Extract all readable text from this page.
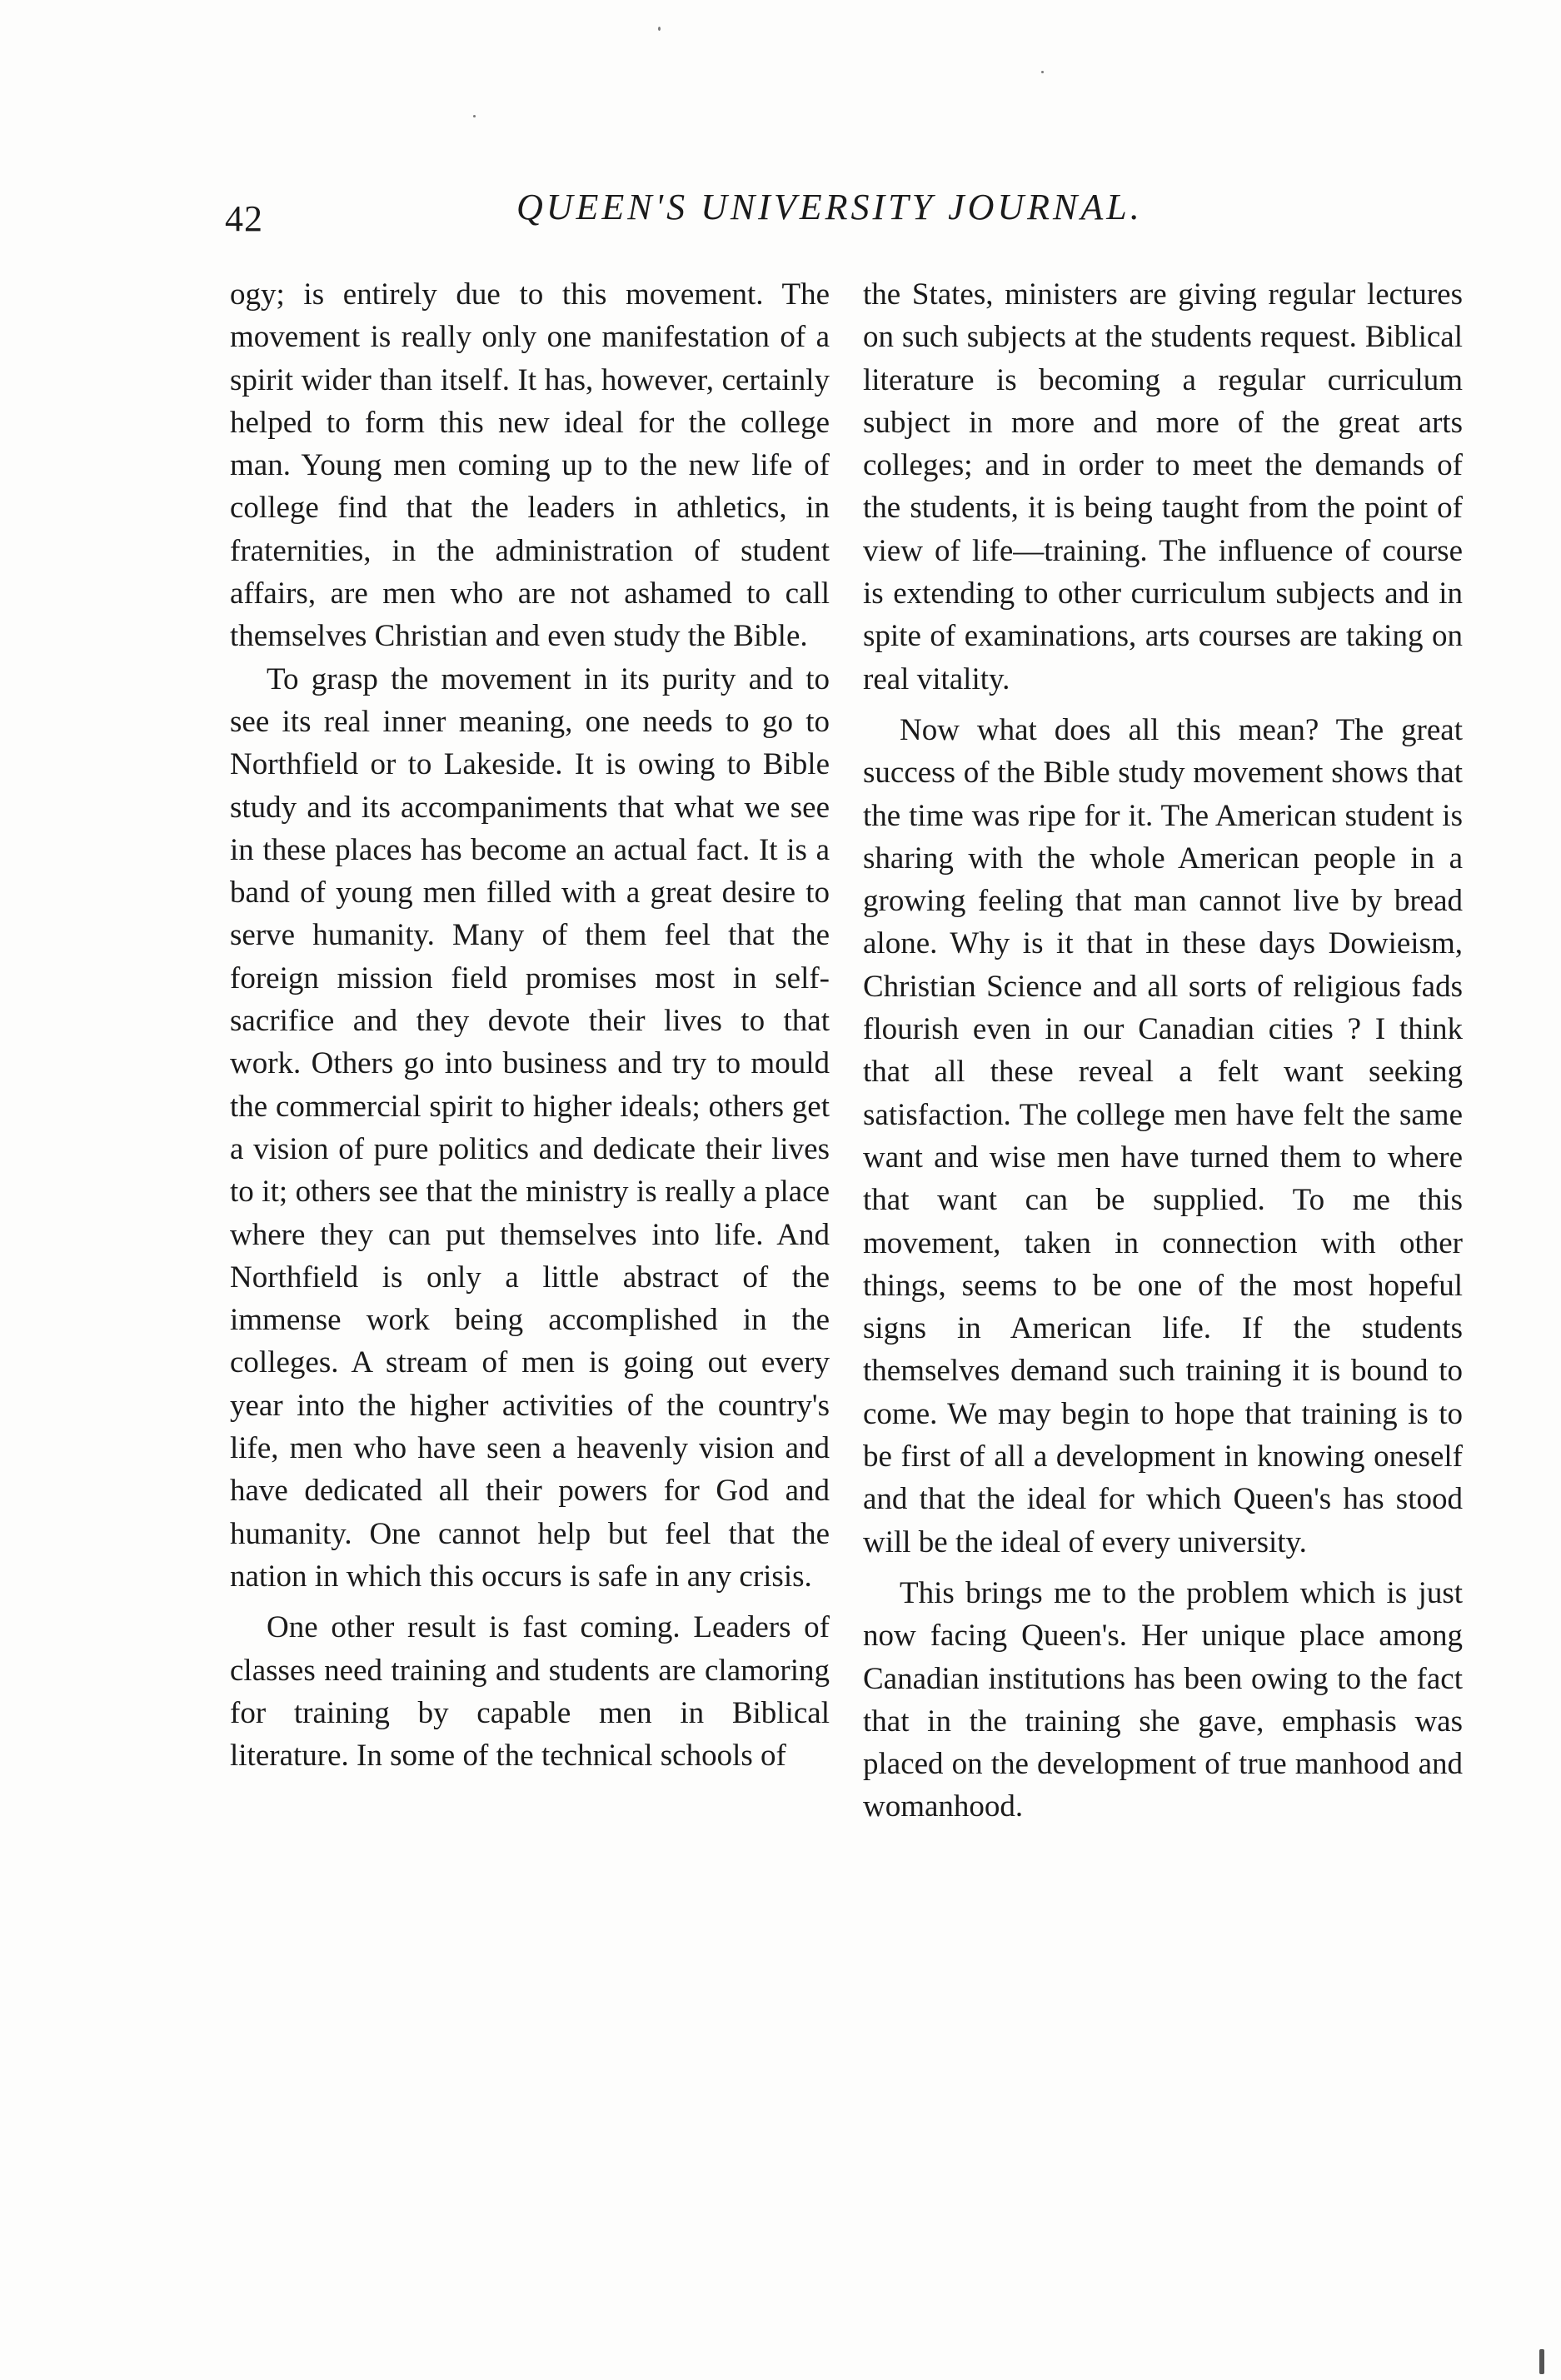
42	QUEEN'S UNIVERSITY JOURNAL.

ogy; is entirely due to this movement. The movement is really only one manifestation of a spirit wider than itself. It has, however, certainly helped to form this new ideal for the college man. Young men coming up to the new life of college find that the leaders in athletics, in fraternities, in the administration of student affairs, are men who are not ashamed to call themselves Christian and even study the Bible.

To grasp the movement in its purity and to see its real inner meaning, one needs to go to Northfield or to Lakeside. It is owing to Bible study and its accompaniments that what we see in these places has become an actual fact. It is a band of young men filled with a great desire to serve humanity. Many of them feel that the foreign mission field promises most in self-sacrifice and they devote their lives to that work. Others go into business and try to mould the commercial spirit to higher ideals; others get a vision of pure politics and dedicate their lives to it; others see that the ministry is really a place where they can put themselves into life. And Northfield is only a little abstract of the immense work being accomplished in the colleges. A stream of men is going out every year into the higher activities of the country's life, men who have seen a heavenly vision and have dedicated all their powers for God and humanity. One cannot help but feel that the nation in which this occurs is safe in any crisis.

One other result is fast coming. Leaders of classes need training and students are clamoring for training by capable men in Biblical literature. In some of the technical schools of

the States, ministers are giving regular lectures on such subjects at the students request. Biblical literature is becoming a regular curriculum subject in more and more of the great arts colleges; and in order to meet the demands of the students, it is being taught from the point of view of life—training. The influence of course is extending to other curriculum subjects and in spite of examinations, arts courses are taking on real vitality.

Now what does all this mean? The great success of the Bible study movement shows that the time was ripe for it. The American student is sharing with the whole American people in a growing feeling that man cannot live by bread alone. Why is it that in these days Dowieism, Christian Science and all sorts of religious fads flourish even in our Canadian cities ? I think that all these reveal a felt want seeking satisfaction. The college men have felt the same want and wise men have turned them to where that want can be supplied. To me this movement, taken in connection with other things, seems to be one of the most hopeful signs in American life. If the students themselves demand such training it is bound to come. We may begin to hope that training is to be first of all a development in knowing oneself and that the ideal for which Queen's has stood will be the ideal of every university.

This brings me to the problem which is just now facing Queen's. Her unique place among Canadian institutions has been owing to the fact that in the training she gave, emphasis was placed on the development of true manhood and womanhood.
